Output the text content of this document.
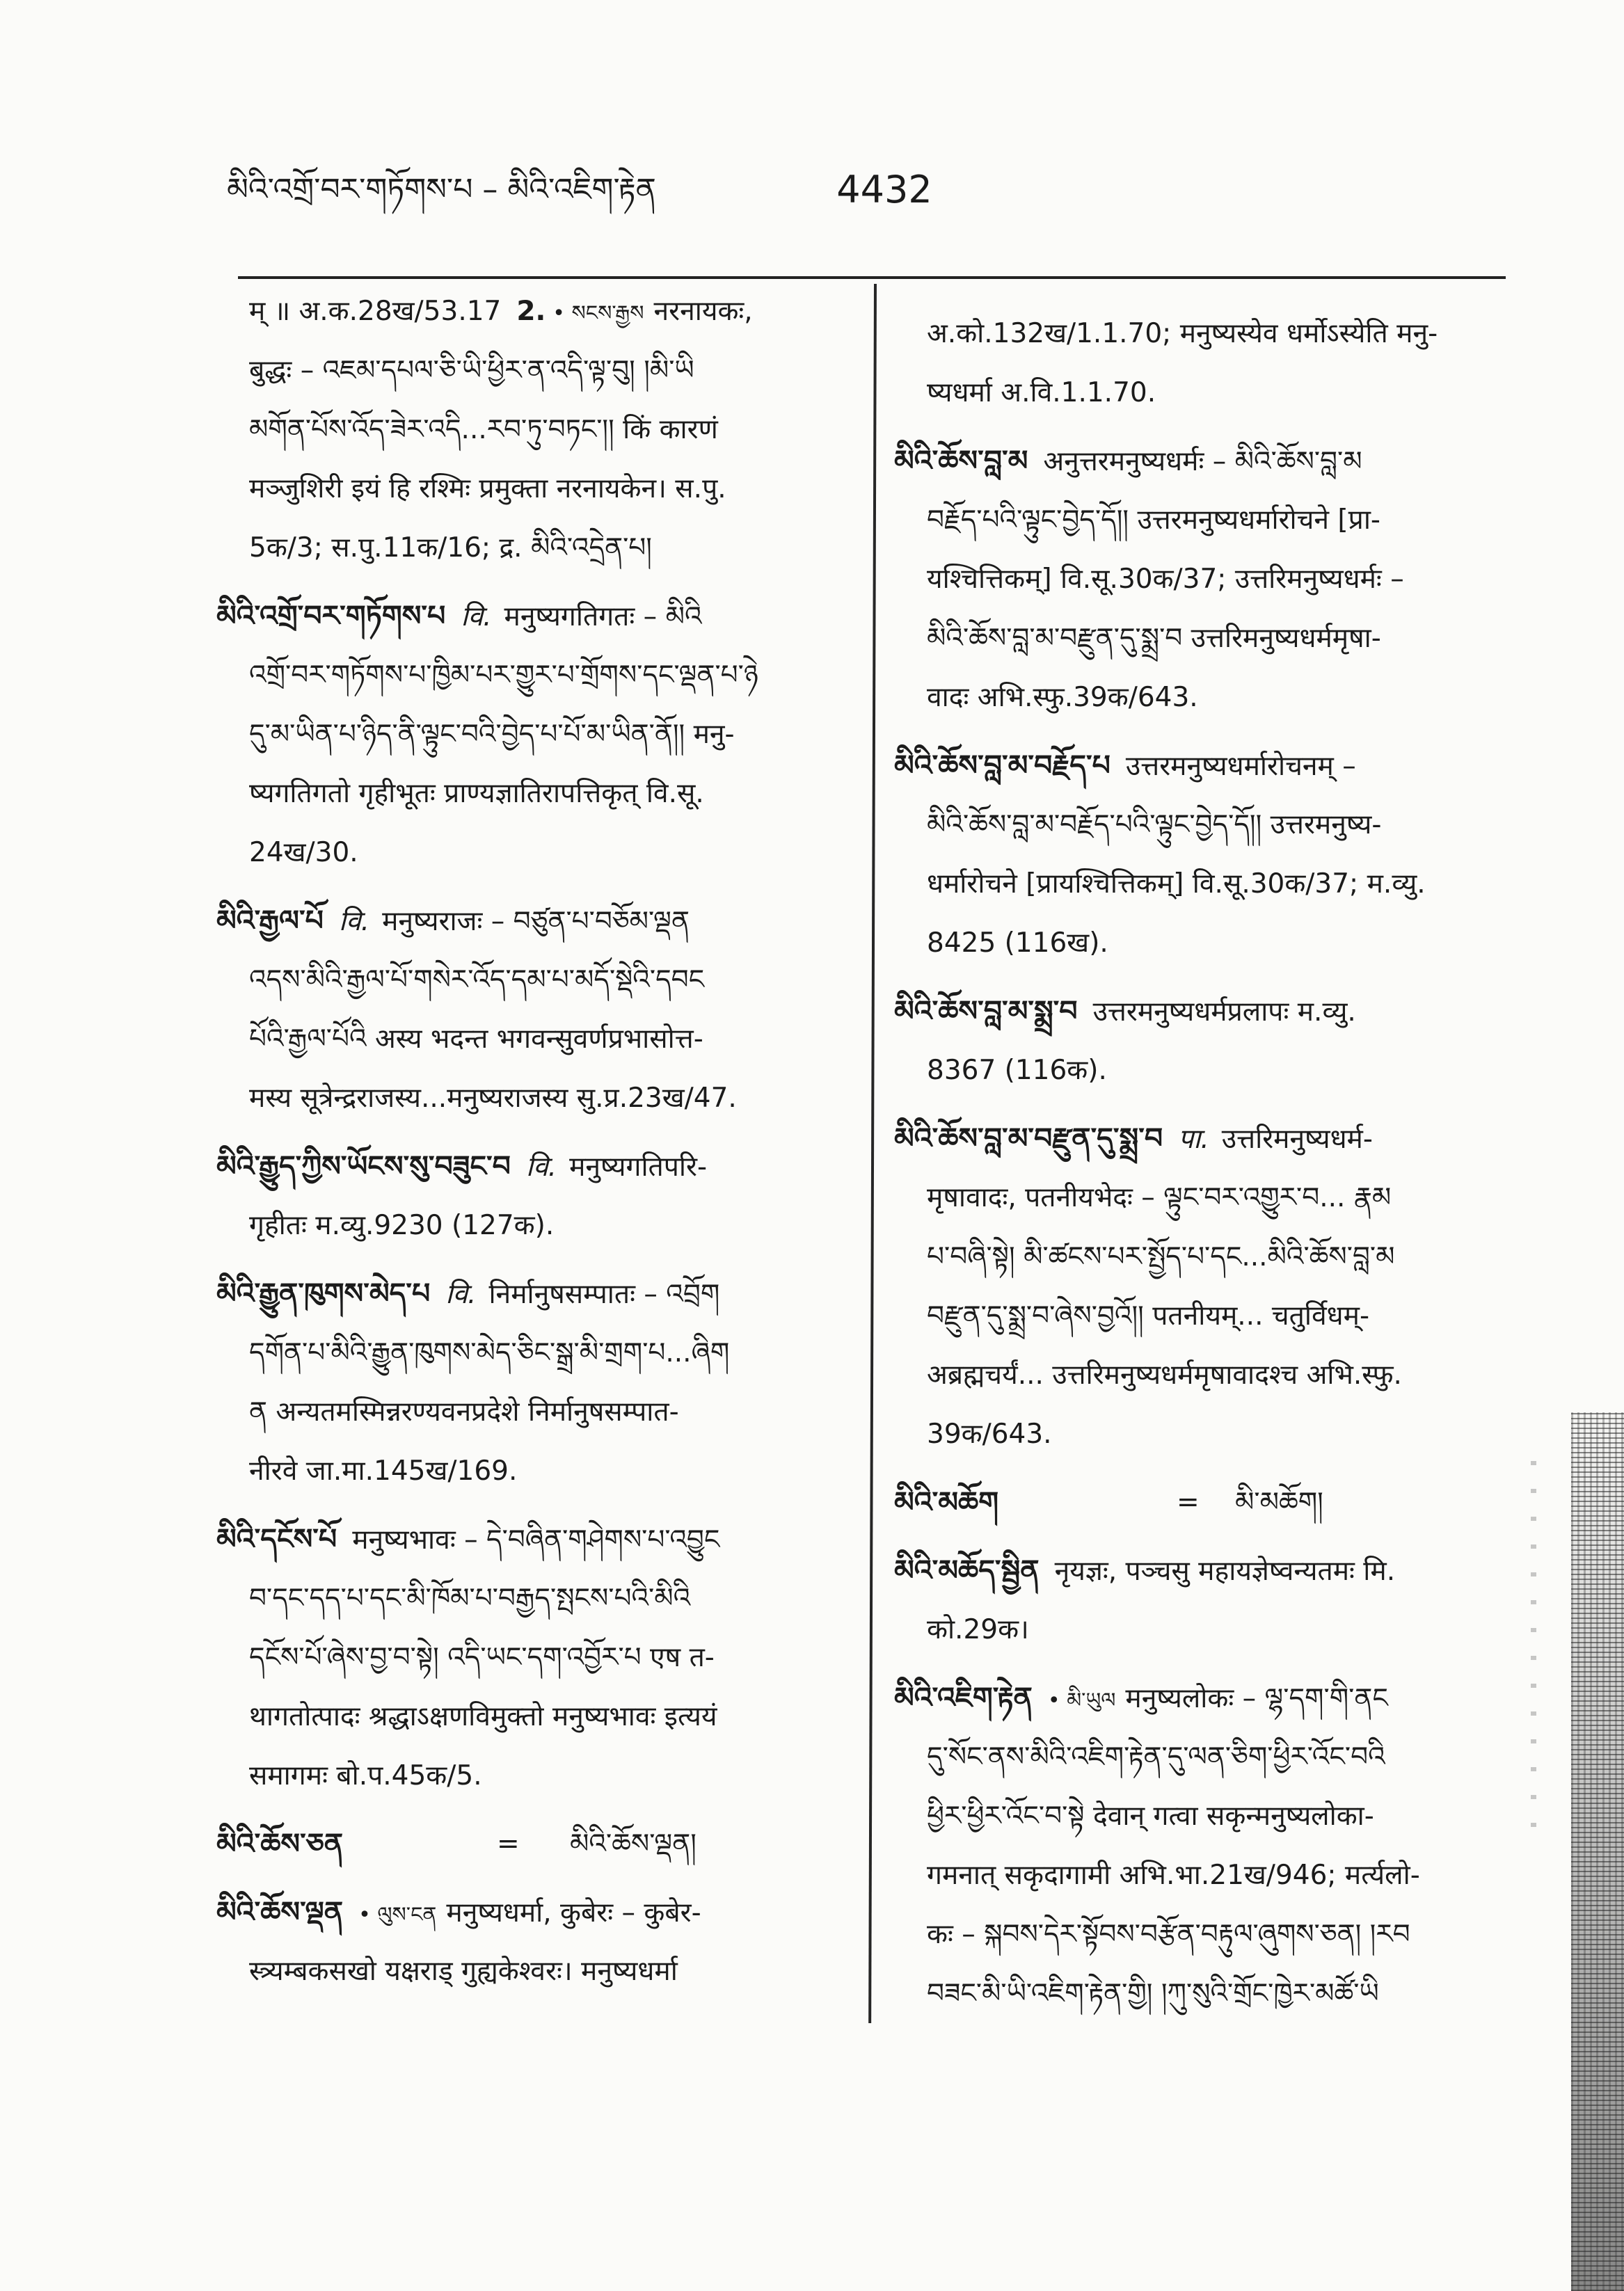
མིའི་འགྲོ་བར་གཏོགས་པ – མིའི་འཇིག་རྟེན	4432
म् ॥ अ.क.28ख/53.17 2. • སངས་རྒྱས नरनायकः,
बुद्धः – འཇམ་དཔལ་ཅི་ཡི་ཕྱིར་ན་འདི་ལྟ་བུ། །མི་ཡི
མགོན་པོས་འོད་ཟེར་འདི...རབ་ཏུ་བཏང་།། किं कारणं
मञ्जुशिरी इयं हि रश्मिः प्रमुक्ता नरनायकेन। स.पु.
5क/3; स.पु.11क/16; द्र. མིའི་འདྲེན་པ།
མིའི་འགྲོ་བར་གཏོགས་པ वि. मनुष्यगतिगतः – མིའི
འགྲོ་བར་གཏོགས་པ་ཁྱིམ་པར་གྱུར་པ་གྲོགས་དང་ལྡན་པ་ཉེ
དུ་མ་ཡིན་པ་ཉིད་ནི་ལྟུང་བའི་བྱེད་པ་པོ་མ་ཡིན་ནོ།། मनु-
ष्यगतिगतो गृहीभूतः प्राण्यज्ञातिरापत्तिकृत् वि.सू.
24ख/30.
མིའི་རྒྱལ་པོ वि. मनुष्यराजः – བཙུན་པ་བཅོམ་ལྡན
འདས་མིའི་རྒྱལ་པོ་གསེར་འོད་དམ་པ་མདོ་སྡེའི་དབང
པོའི་རྒྱལ་པོའི अस्य भदन्त भगवन्सुवर्णप्रभासोत्त-
मस्य सूत्रेन्द्रराजस्य...मनुष्यराजस्य सु.प्र.23ख/47.
མིའི་རྒྱུད་ཀྱིས་ཡོངས་སུ་བཟུང་བ वि. मनुष्यगतिपरि-
गृहीतः म.व्यु.9230 (127क).
མིའི་རྒྱུན་ཁུགས་མེད་པ वि. निर्मानुषसम्पातः – འབྲོག
དགོན་པ་མིའི་རྒྱུན་ཁུགས་མེད་ཅིང་སྒྲ་མི་གྲག་པ...ཞིག
ན अन्यतमस्मिन्नरण्यवनप्रदेशे निर्मानुषसम्पात-
नीरवे जा.मा.145ख/169.
མིའི་དངོས་པོ मनुष्यभावः – དེ་བཞིན་གཤེགས་པ་འབྱུང
བ་དང་དད་པ་དང་མི་ཁོམ་པ་བརྒྱད་སྤངས་པའི་མིའི
དངོས་པོ་ཞེས་བྱ་བ་སྟེ། འདི་ཡང་དག་འབྱོར་པ एष त-
थागतोत्पादः श्रद्धाऽक्षणविमुक्तो मनुष्यभावः इत्ययं
समागमः बो.प.45क/5.
མིའི་ཆོས་ཅན	= མིའི་ཆོས་ལྡན།
མིའི་ཆོས་ལྡན • ལུས་ངན मनुष्यधर्मा, कुबेरः – कुबेर-
स्त्र्यम्बकसखो यक्षराड् गुह्यकेश्वरः। मनुष्यधर्मा
अ.को.132ख/1.1.70; मनुष्यस्येव धर्मोऽस्येति मनु-
ष्यधर्मा अ.वि.1.1.70.
མིའི་ཆོས་བླ་མ अनुत्तरमनुष्यधर्मः – མིའི་ཆོས་བླ་མ
བརྗོད་པའི་ལྟུང་བྱེད་དོ།། उत्तरमनुष्यधर्मारोचने [प्रा-
यश्चित्तिकम्] वि.सू.30क/37; उत्तरिमनुष्यधर्मः –
མིའི་ཆོས་བླ་མ་བརྫུན་དུ་སྨྲ་བ उत्तरिमनुष्यधर्ममृषा-
वादः अभि.स्फु.39क/643.
མིའི་ཆོས་བླ་མ་བརྗོད་པ उत्तरमनुष्यधर्मारोचनम् –
མིའི་ཆོས་བླ་མ་བརྗོད་པའི་ལྟུང་བྱེད་དོ།། उत्तरमनुष्य-
धर्मारोचने [प्रायश्चित्तिकम्] वि.सू.30क/37; म.व्यु.
8425 (116ख).
མིའི་ཆོས་བླ་མ་སྨྲ་བ उत्तरमनुष्यधर्मप्रलापः म.व्यु.
8367 (116क).
མིའི་ཆོས་བླ་མ་བརྫུན་དུ་སྨྲ་བ पा. उत्तरिमनुष्यधर्म-
मृषावादः, पतनीयभेदः – ལྟུང་བར་འགྱུར་བ... རྣམ
པ་བཞི་སྟེ། མི་ཚངས་པར་སྤྱོད་པ་དང...མིའི་ཆོས་བླ་མ
བརྫུན་དུ་སྨྲ་བ་ཞེས་བྱའོ།། पतनीयम्... चतुर्विधम्-
अब्रह्मचर्यं... उत्तरिमनुष्यधर्ममृषावादश्च अभि.स्फु.
39क/643.
མིའི་མཆོག	= མི་མཆོག།
མིའི་མཆོད་སྦྱིན नृयज्ञः, पञ्चसु महायज्ञेष्वन्यतमः मि.
को.29क।
མིའི་འཇིག་རྟེན • མི་ཡུལ मनुष्यलोकः – ལྷ་དག་གི་ནང
དུ་སོང་ནས་མིའི་འཇིག་རྟེན་དུ་ལན་ཅིག་ཕྱིར་འོང་བའི
ཕྱིར་ཕྱིར་འོང་བ་སྟེ देवान् गत्वा सकृन्मनुष्यलोका-
गमनात् सकृदागामी अभि.भा.21ख/946; मर्त्यलो-
कः – སྐབས་དེར་སྟོབས་བརྩོན་བརྟུལ་ཞུགས་ཅན། །རབ
བཟང་མི་ཡི་འཇིག་རྟེན་གྱི། །ཀུ་སུའི་གྲོང་ཁྱེར་མཚོ་ཡི
